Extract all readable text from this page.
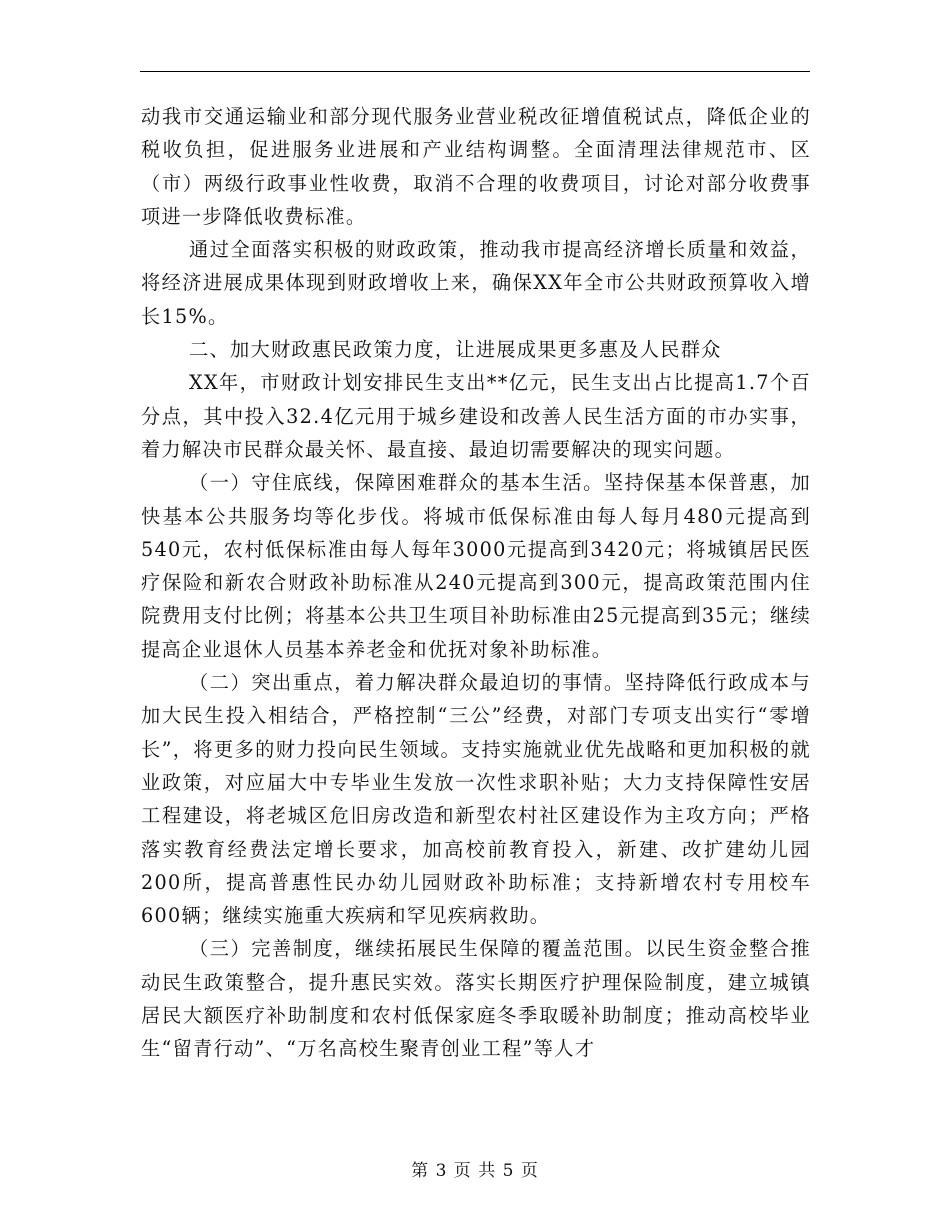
动我市交通运输业和部分现代服务业营业税改征增值税试点，降低企业的税收负担，促进服务业进展和产业结构调整。全面清理法律规范市、区（市）两级行政事业性收费，取消不合理的收费项目，讨论对部分收费事项进一步降低收费标准。

通过全面落实积极的财政政策，推动我市提高经济增长质量和效益，将经济进展成果体现到财政增收上来，确保XX年全市公共财政预算收入增长15%。

二、加大财政惠民政策力度，让进展成果更多惠及人民群众

XX年，市财政计划安排民生支出**亿元，民生支出占比提高1.7个百分点，其中投入32.4亿元用于城乡建设和改善人民生活方面的市办实事，着力解决市民群众最关怀、最直接、最迫切需要解决的现实问题。

（一）守住底线，保障困难群众的基本生活。坚持保基本保普惠，加快基本公共服务均等化步伐。将城市低保标准由每人每月480元提高到540元，农村低保标准由每人每年3000元提高到3420元；将城镇居民医疗保险和新农合财政补助标准从240元提高到300元，提高政策范围内住院费用支付比例；将基本公共卫生项目补助标准由25元提高到35元；继续提高企业退休人员基本养老金和优抚对象补助标准。

（二）突出重点，着力解决群众最迫切的事情。坚持降低行政成本与加大民生投入相结合，严格控制“三公”经费，对部门专项支出实行“零增长”，将更多的财力投向民生领域。支持实施就业优先战略和更加积极的就业政策，对应届大中专毕业生发放一次性求职补贴；大力支持保障性安居工程建设，将老城区危旧房改造和新型农村社区建设作为主攻方向；严格落实教育经费法定增长要求，加高校前教育投入，新建、改扩建幼儿园200所，提高普惠性民办幼儿园财政补助标准；支持新增农村专用校车600辆；继续实施重大疾病和罕见疾病救助。

（三）完善制度，继续拓展民生保障的覆盖范围。以民生资金整合推动民生政策整合，提升惠民实效。落实长期医疗护理保险制度，建立城镇居民大额医疗补助制度和农村低保家庭冬季取暖补助制度；推动高校毕业生“留青行动”、“万名高校生聚青创业工程”等人才

第 3 页 共 5 页
